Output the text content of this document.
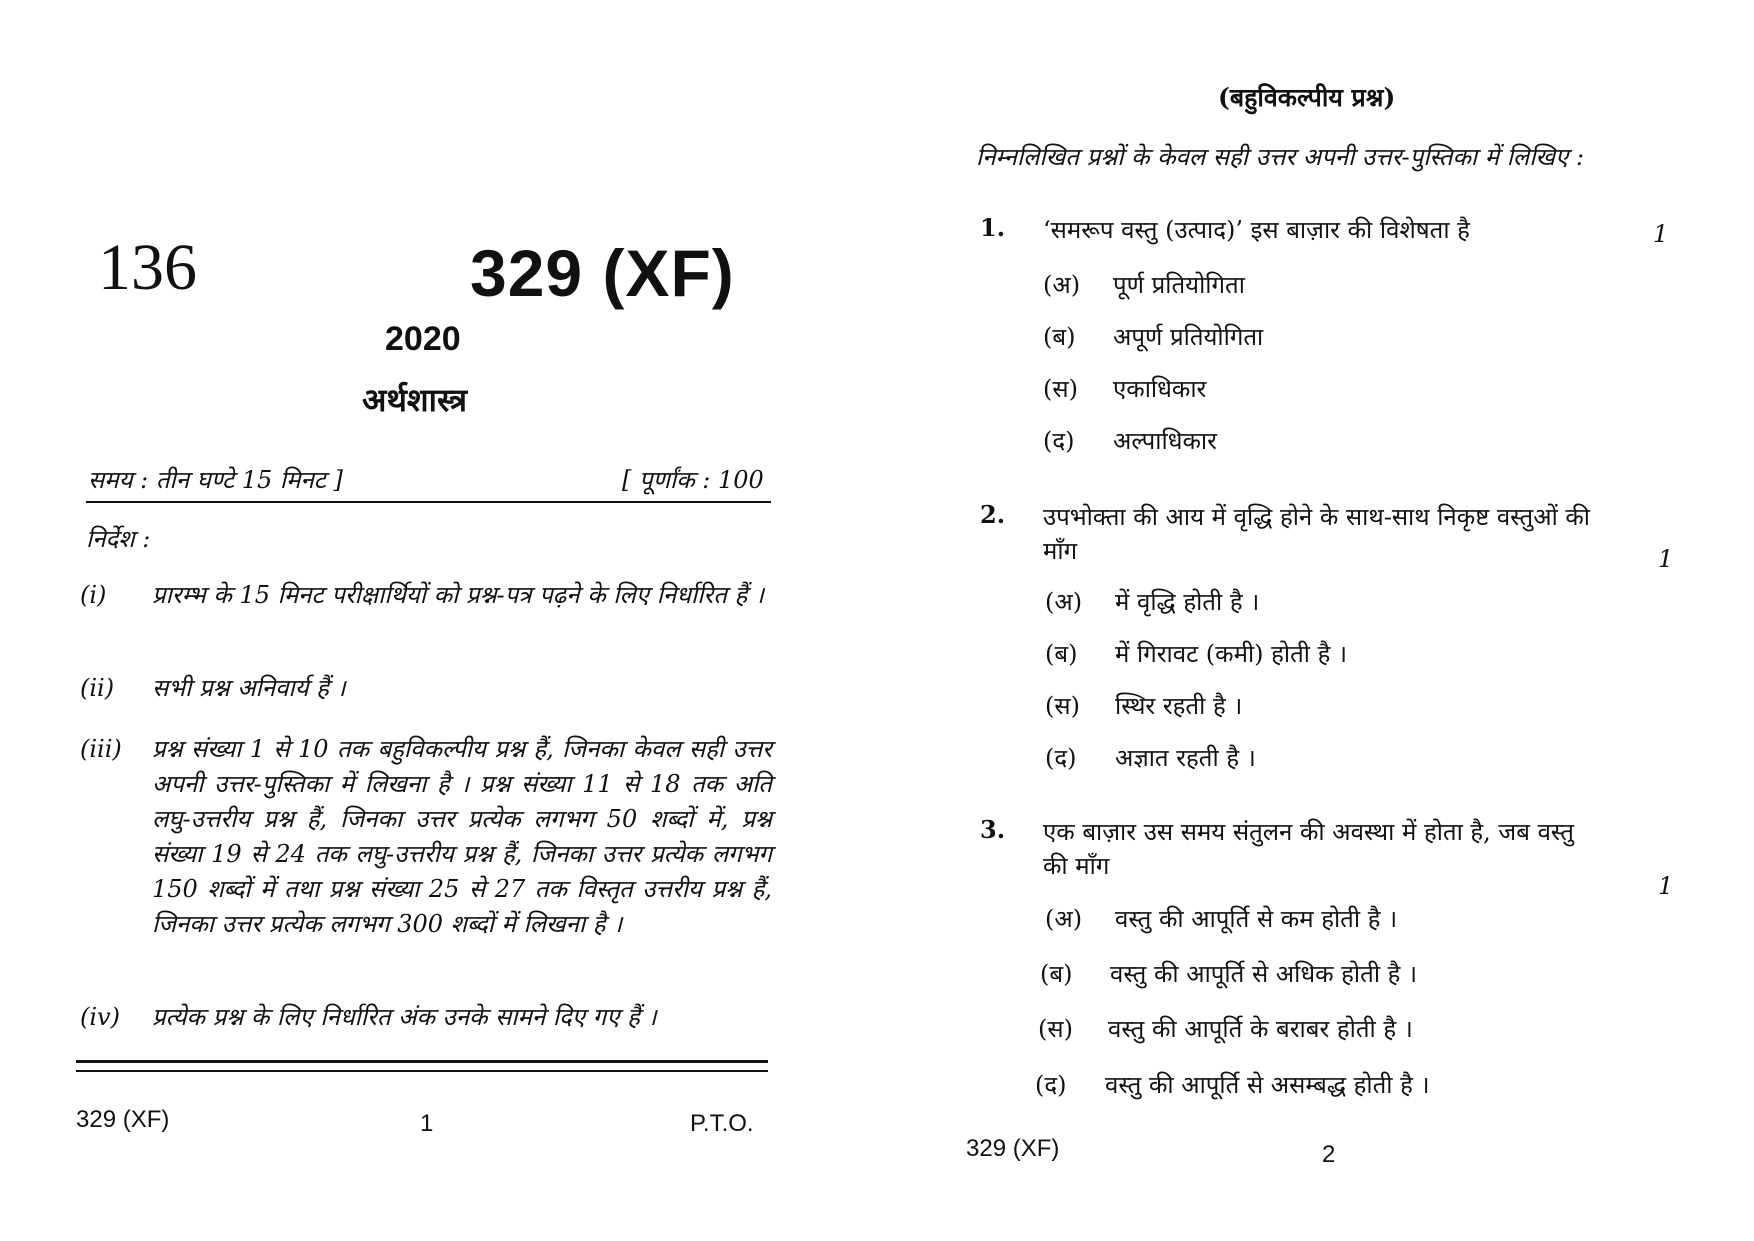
136	329 (XF)
2020
अर्थशास्त्र
समय : तीन घण्टे 15 मिनट ]	[ पूर्णांक : 100
निर्देश :
(i)	प्रारम्भ के 15 मिनट परीक्षार्थियों को प्रश्न-पत्र पढ़ने के लिए निर्धारित हैं ।
(ii)	सभी प्रश्न अनिवार्य हैं ।
(iii)	प्रश्न संख्या 1 से 10 तक बहुविकल्पीय प्रश्न हैं, जिनका केवल सही उत्तर अपनी उत्तर-पुस्तिका में लिखना है । प्रश्न संख्या 11 से 18 तक अति लघु-उत्तरीय प्रश्न हैं, जिनका उत्तर प्रत्येक लगभग 50 शब्दों में, प्रश्न संख्या 19 से 24 तक लघु-उत्तरीय प्रश्न हैं, जिनका उत्तर प्रत्येक लगभग 150 शब्दों में तथा प्रश्न संख्या 25 से 27 तक विस्तृत उत्तरीय प्रश्न हैं, जिनका उत्तर प्रत्येक लगभग 300 शब्दों में लिखना है ।
(iv)	प्रत्येक प्रश्न के लिए निर्धारित अंक उनके सामने दिए गए हैं ।
329 (XF)	1	P.T.O.
(बहुविकल्पीय प्रश्न)
निम्नलिखित प्रश्नों के केवल सही उत्तर अपनी उत्तर-पुस्तिका में लिखिए :
1. ‘समरूप वस्तु (उत्पाद)’ इस बाज़ार की विशेषता है	1
(अ) पूर्ण प्रतियोगिता
(ब) अपूर्ण प्रतियोगिता
(स) एकाधिकार
(द) अल्पाधिकार
2. उपभोक्ता की आय में वृद्धि होने के साथ-साथ निकृष्ट वस्तुओं की माँग	1
(अ) में वृद्धि होती है ।
(ब) में गिरावट (कमी) होती है ।
(स) स्थिर रहती है ।
(द) अज्ञात रहती है ।
3. एक बाज़ार उस समय संतुलन की अवस्था में होता है, जब वस्तु की माँग
1
(अ) वस्तु की आपूर्ति से कम होती है ।
(ब) वस्तु की आपूर्ति से अधिक होती है ।
(स) वस्तु की आपूर्ति के बराबर होती है ।
(द) वस्तु की आपूर्ति से असम्बद्ध होती है ।
329 (XF)	2
